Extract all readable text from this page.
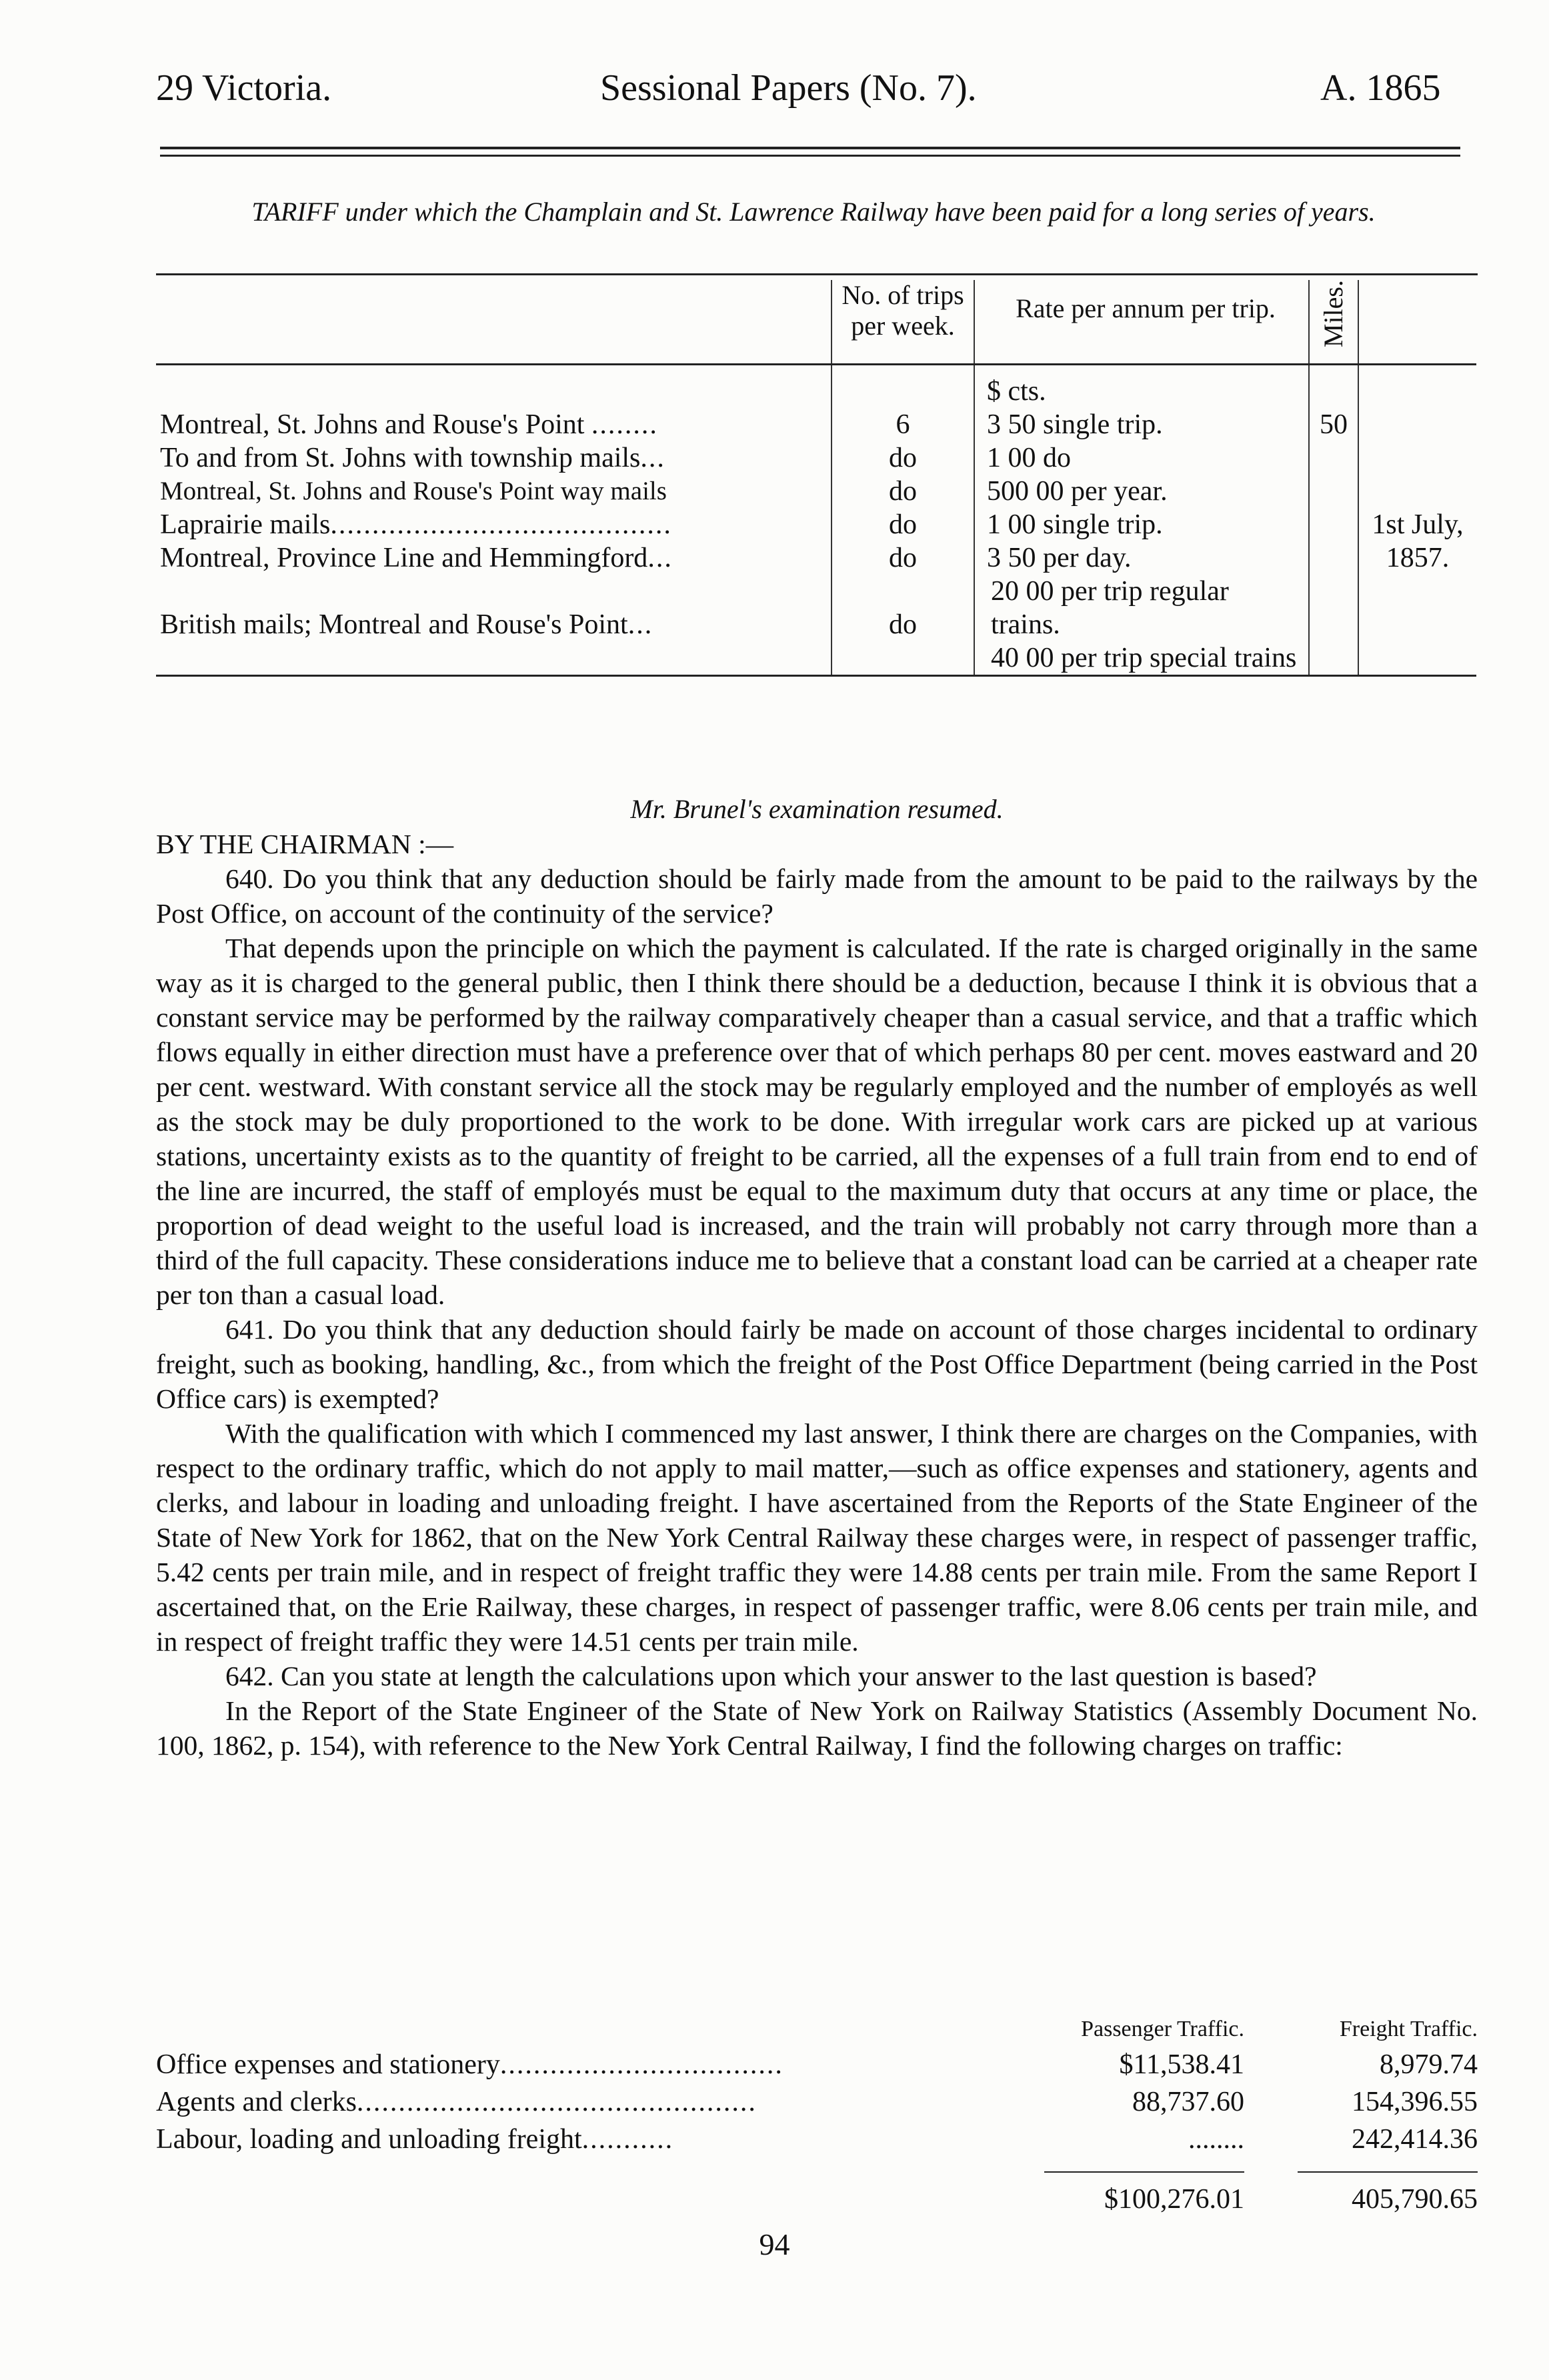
29 Victoria.	Sessional Papers (No. 7).	A. 1865
TARIFF under which the Champlain and St. Lawrence Railway have been paid for a long series of years.
	No. of trips per week.	Rate per annum per trip.	Miles.	
		$ cts.		
Montreal, St. Johns and Rouse's Point ........	6	3 50 single trip.	50	
To and from St. Johns with township mails...	do	1 00 do		
Montreal, St. Johns and Rouse's Point way mails	do	500 00 per year.		
Laprairie mails.........................................	do	1 00 single trip.		1st July, 1857.
Montreal, Province Line and Hemmingford...	do	3 50 per day.		
British mails; Montreal and Rouse's Point...	do	20 00 per trip regular trains.
40 00 per trip special trains		

Mr. Brunel's examination resumed.

BY THE CHAIRMAN :—

640. Do you think that any deduction should be fairly made from the amount to be paid to the railways by the Post Office, on account of the continuity of the service?

That depends upon the principle on which the payment is calculated. If the rate is charged originally in the same way as it is charged to the general public, then I think there should be a deduction, because I think it is obvious that a constant service may be performed by the railway comparatively cheaper than a casual service, and that a traffic which flows equally in either direction must have a preference over that of which perhaps 80 per cent. moves eastward and 20 per cent. westward. With constant service all the stock may be regularly employed and the number of employés as well as the stock may be duly proportioned to the work to be done. With irregular work cars are picked up at various stations, uncertainty exists as to the quantity of freight to be carried, all the expenses of a full train from end to end of the line are incurred, the staff of employés must be equal to the maximum duty that occurs at any time or place, the proportion of dead weight to the useful load is increased, and the train will probably not carry through more than a third of the full capacity. These considerations induce me to believe that a constant load can be carried at a cheaper rate per ton than a casual load.

641. Do you think that any deduction should fairly be made on account of those charges incidental to ordinary freight, such as booking, handling, &c., from which the freight of the Post Office Department (being carried in the Post Office cars) is exempted?

With the qualification with which I commenced my last answer, I think there are charges on the Companies, with respect to the ordinary traffic, which do not apply to mail matter,—such as office expenses and stationery, agents and clerks, and labour in loading and unloading freight. I have ascertained from the Reports of the State Engineer of the State of New York for 1862, that on the New York Central Railway these charges were, in respect of passenger traffic, 5.42 cents per train mile, and in respect of freight traffic they were 14.88 cents per train mile. From the same Report I ascertained that, on the Erie Railway, these charges, in respect of passenger traffic, were 8.06 cents per train mile, and in respect of freight traffic they were 14.51 cents per train mile.

642. Can you state at length the calculations upon which your answer to the last question is based?

In the Report of the State Engineer of the State of New York on Railway Statistics (Assembly Document No. 100, 1862, p. 154), with reference to the New York Central Railway, I find the following charges on traffic:

Passenger Traffic.	Freight Traffic.
Office expenses and stationery..................................	$11,538.41	8,979.74
Agents and clerks................................................	88,737.60	154,396.55
Labour, loading and unloading freight...........	........	242,414.36
$100,276.01	405,790.65
94
